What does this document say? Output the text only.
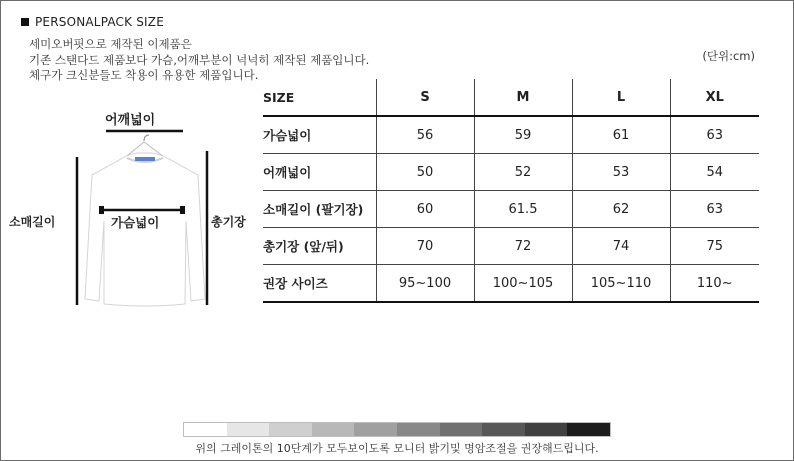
PERSONALPACK SIZE
세미오버핏으로 제작된 이제품은
기존 스탠다드 제품보다 가슴,어깨부분이 넉넉히 제작된 제품입니다.
체구가 크신분들도 착용이 유용한 제품입니다.
(단위:cm)
어깨넓이
소매길이	가슴넓이	총기장
SIZE	S	M	L	XL
가슴넓이	56	59	61	63
어깨넓이	50	52	53	54
소매길이 (팔기장)	60	61.5	62	63
총기장 (앞/뒤)	70	72	74	75
권장 사이즈	95~100	100~105	105~110	110~
위의 그레이톤의 10단계가 모두보이도록 모니터 밝기및 명암조절을 권장해드립니다.
